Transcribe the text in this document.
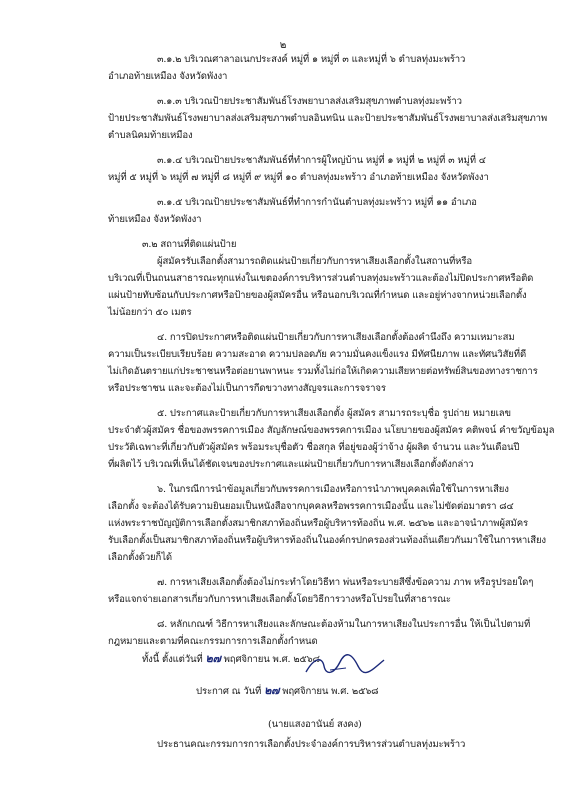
๒
๓.๑.๒ บริเวณศาลาอเนกประสงค์ หมู่ที่ ๑ หมู่ที่ ๓ และหมู่ที่ ๖ ตำบลทุ่งมะพร้าว
อำเภอท้ายเหมือง จังหวัดพังงา
๓.๑.๓ บริเวณป้ายประชาสัมพันธ์โรงพยาบาลส่งเสริมสุขภาพตำบลทุ่งมะพร้าว
ป้ายประชาสัมพันธ์โรงพยาบาลส่งเสริมสุขภาพตำบลอินทนิน และป้ายประชาสัมพันธ์โรงพยาบาลส่งเสริมสุขภาพ
ตำบลนิคมท้ายเหมือง
๓.๑.๔ บริเวณป้ายประชาสัมพันธ์ที่ทำการผู้ใหญ่บ้าน หมู่ที่ ๑ หมู่ที่ ๒ หมู่ที่ ๓ หมู่ที่ ๔
หมู่ที่ ๕ หมู่ที่ ๖ หมู่ที่ ๗ หมู่ที่ ๘ หมู่ที่ ๙ หมู่ที่ ๑๐ ตำบลทุ่งมะพร้าว อำเภอท้ายเหมือง จังหวัดพังงา
๓.๑.๕ บริเวณป้ายประชาสัมพันธ์ที่ทำการกำนันตำบลทุ่งมะพร้าว หมู่ที่ ๑๑ อำเภอ
ท้ายเหมือง จังหวัดพังงา
๓.๒ สถานที่ติดแผ่นป้าย
ผู้สมัครรับเลือกตั้งสามารถติดแผ่นป้ายเกี่ยวกับการหาเสียงเลือกตั้งในสถานที่หรือ
บริเวณที่เป็นถนนสาธารณะทุกแห่งในเขตองค์การบริหารส่วนตำบลทุ่งมะพร้าวและต้องไม่ปิดประกาศหรือติด
แผ่นป้ายทับซ้อนกับประกาศหรือป้ายของผู้สมัครอื่น หรือนอกบริเวณที่กำหนด และอยู่ห่างจากหน่วยเลือกตั้ง
ไม่น้อยกว่า ๕๐ เมตร
๔. การปิดประกาศหรือติดแผ่นป้ายเกี่ยวกับการหาเสียงเลือกตั้งต้องคำนึงถึง ความเหมาะสม
ความเป็นระเบียบเรียบร้อย ความสะอาด ความปลอดภัย ความมั่นคงแข็งแรง มีทัศนียภาพ และทัศนวิสัยที่ดี
ไม่เกิดอันตรายแก่ประชาชนหรือต่อยานพาหนะ รวมทั้งไม่ก่อให้เกิดความเสียหายต่อทรัพย์สินของทางราชการ
หรือประชาชน และจะต้องไม่เป็นการกีดขวางทางสัญจรและการจราจร
๕. ประกาศและป้ายเกี่ยวกับการหาเสียงเลือกตั้ง ผู้สมัคร สามารถระบุชื่อ รูปถ่าย หมายเลข
ประจำตัวผู้สมัคร ชื่อของพรรคการเมือง สัญลักษณ์ของพรรคการเมือง นโยบายของผู้สมัคร คติพจน์ คำขวัญข้อมูล
ประวัติเฉพาะที่เกี่ยวกับตัวผู้สมัคร พร้อมระบุชื่อตัว ชื่อสกุล ที่อยู่ของผู้ว่าจ้าง ผู้ผลิต จำนวน และวันเดือนปี
ที่ผลิตไว้ บริเวณที่เห็นได้ชัดเจนของประกาศและแผ่นป้ายเกี่ยวกับการหาเสียงเลือกตั้งดังกล่าว
๖. ในกรณีการนำข้อมูลเกี่ยวกับพรรคการเมืองหรือการนำภาพบุคคลเพื่อใช้ในการหาเสียง
เลือกตั้ง จะต้องได้รับความยินยอมเป็นหนังสือจากบุคคลหรือพรรคการเมืองนั้น และไม่ขัดต่อมาตรา ๘๔
แห่งพระราชบัญญัติการเลือกตั้งสมาชิกสภาท้องถิ่นหรือผู้บริหารท้องถิ่น พ.ศ. ๒๕๖๒ และอาจนำภาพผู้สมัคร
รับเลือกตั้งเป็นสมาชิกสภาท้องถิ่นหรือผู้บริหารท้องถิ่นในองค์กรปกครองส่วนท้องถิ่นเดียวกันมาใช้ในการหาเสียง
เลือกตั้งด้วยก็ได้
๗. การหาเสียงเลือกตั้งต้องไม่กระทำโดยวิธีทา พ่นหรือระบายสีซึ่งข้อความ ภาพ หรือรูปรอยใดๆ
หรือแจกจ่ายเอกสารเกี่ยวกับการหาเสียงเลือกตั้งโดยวิธีการวางหรือโปรยในที่สาธารณะ
๘. หลักเกณฑ์ วิธีการหาเสียงและลักษณะต้องห้ามในการหาเสียงในประการอื่น ให้เป็นไปตามที่
กฎหมายและตามที่คณะกรรมการการเลือกตั้งกำหนด
ทั้งนี้ ตั้งแต่วันที่ ๒๗ พฤศจิกายน พ.ศ. ๒๕๖๘
ประกาศ ณ วันที่ ๒๗ พฤศจิกายน พ.ศ. ๒๕๖๘
(นายแสงอานันย์ สงคง)
ประธานคณะกรรมการการเลือกตั้งประจำองค์การบริหารส่วนตำบลทุ่งมะพร้าว
